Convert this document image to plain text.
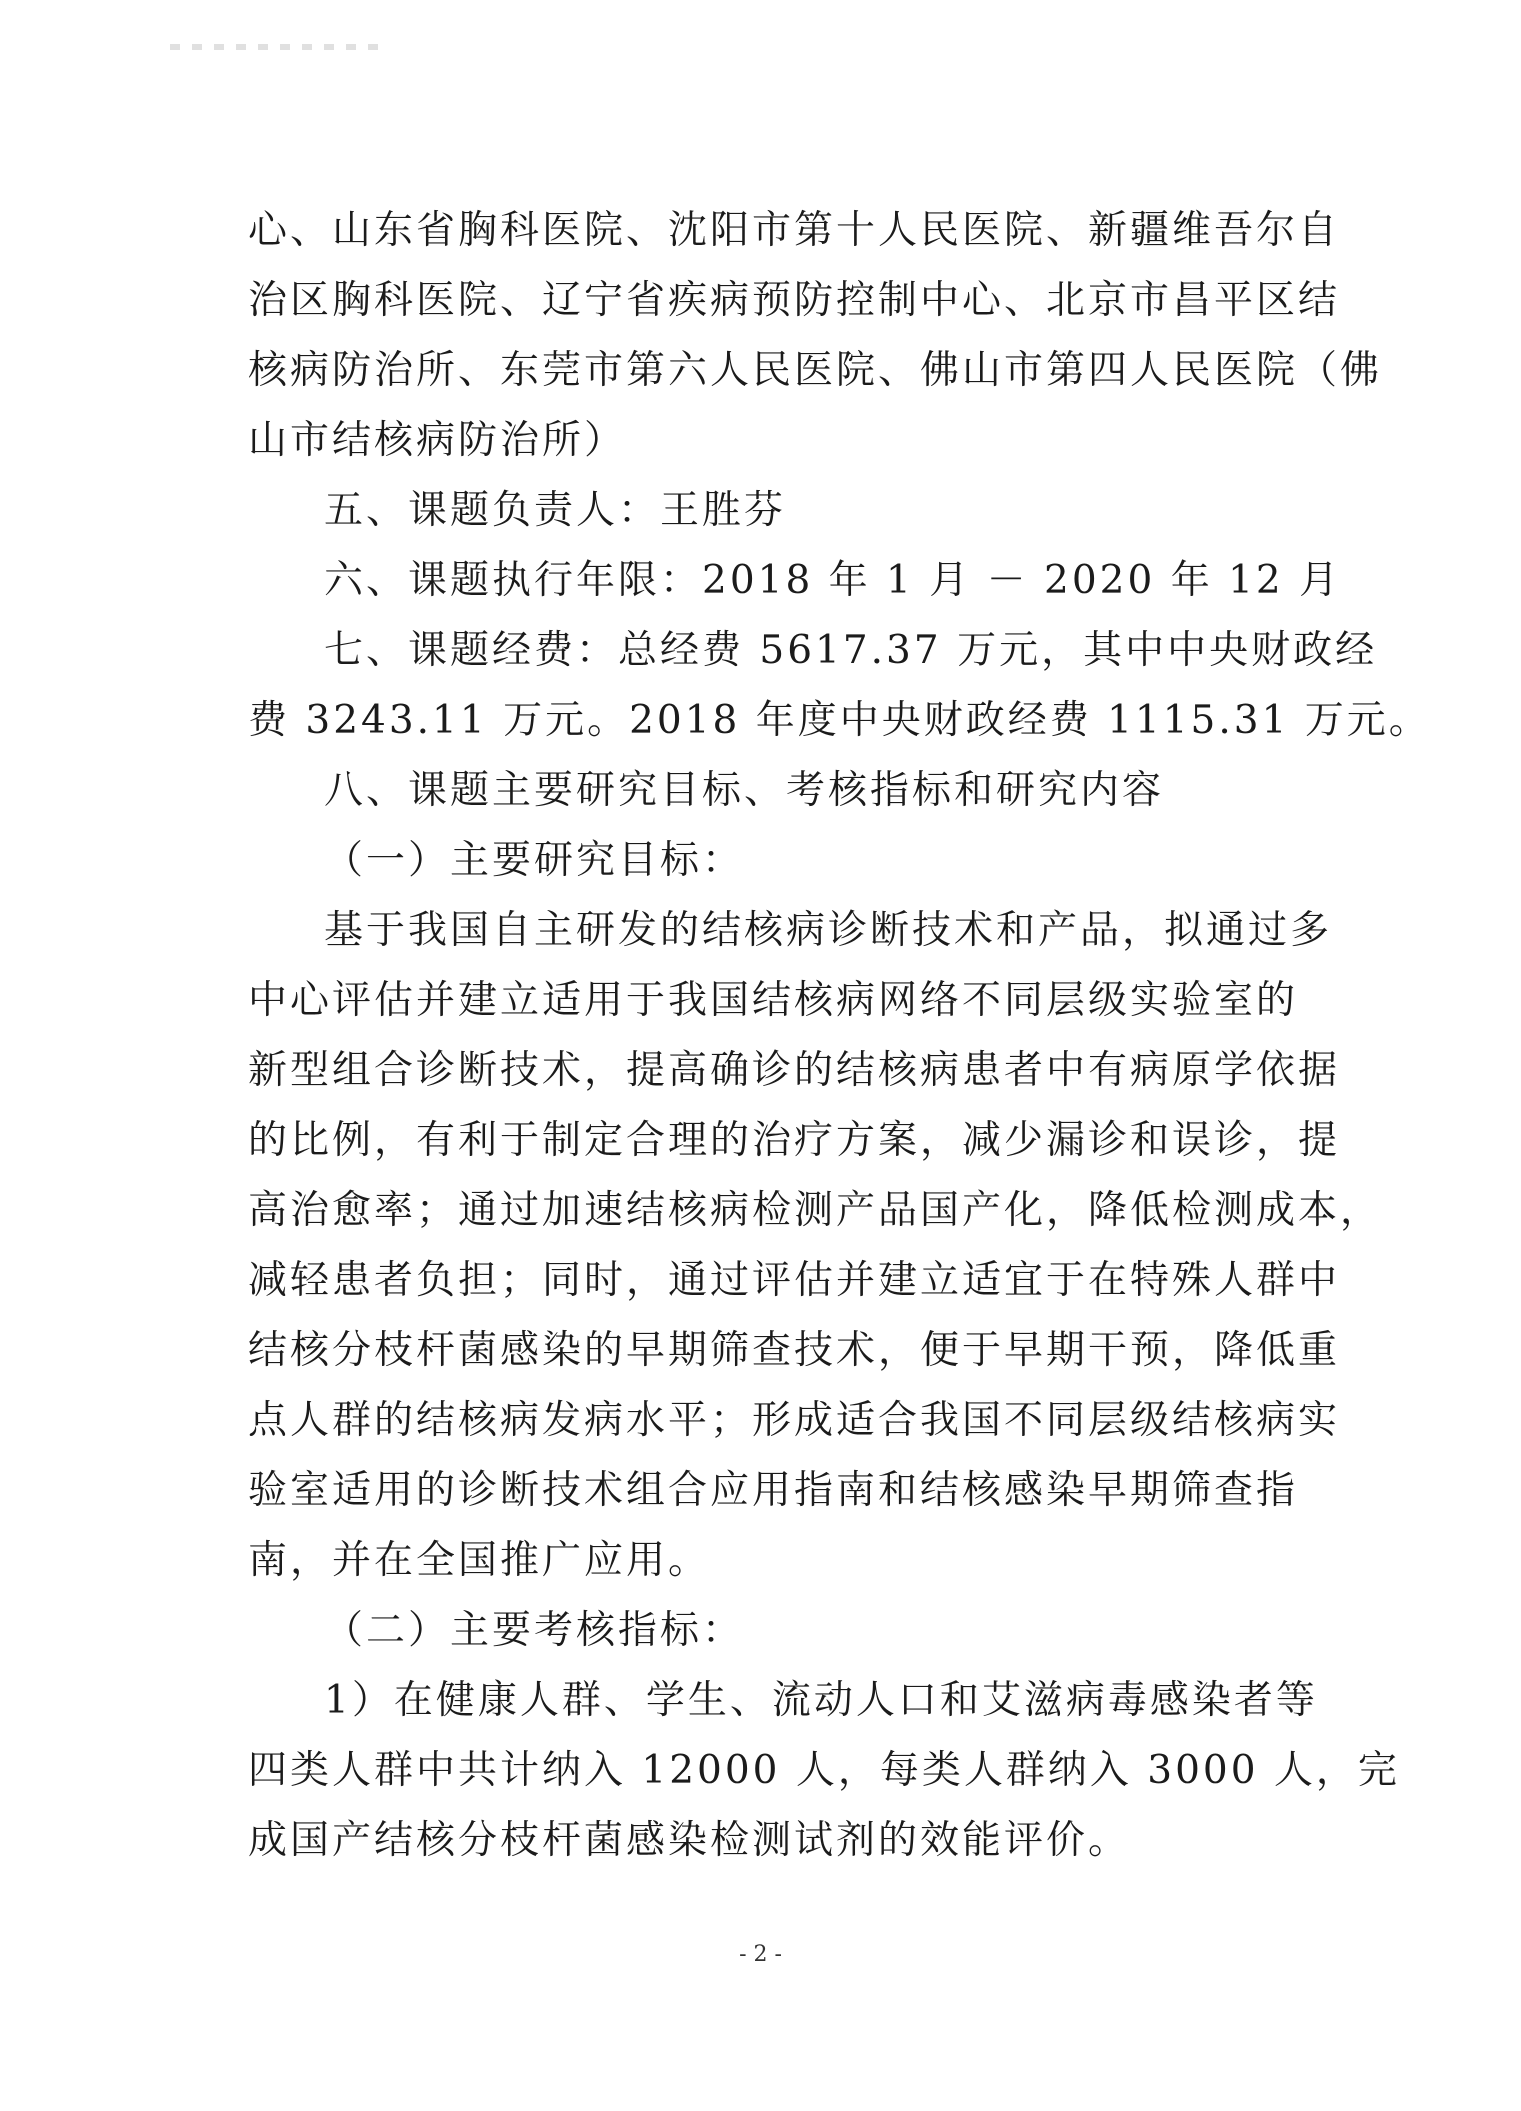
心、山东省胸科医院、沈阳市第十人民医院、新疆维吾尔自
治区胸科医院、辽宁省疾病预防控制中心、北京市昌平区结
核病防治所、东莞市第六人民医院、佛山市第四人民医院（佛
山市结核病防治所）
五、课题负责人：王胜芬
六、课题执行年限：2018 年 1 月 － 2020 年 12 月
七、课题经费：总经费 5617.37 万元，其中中央财政经
费 3243.11 万元。2018 年度中央财政经费 1115.31 万元。
八、课题主要研究目标、考核指标和研究内容
（一）主要研究目标：
基于我国自主研发的结核病诊断技术和产品，拟通过多
中心评估并建立适用于我国结核病网络不同层级实验室的
新型组合诊断技术，提高确诊的结核病患者中有病原学依据
的比例，有利于制定合理的治疗方案，减少漏诊和误诊，提
高治愈率；通过加速结核病检测产品国产化，降低检测成本，
减轻患者负担；同时，通过评估并建立适宜于在特殊人群中
结核分枝杆菌感染的早期筛查技术，便于早期干预，降低重
点人群的结核病发病水平；形成适合我国不同层级结核病实
验室适用的诊断技术组合应用指南和结核感染早期筛查指
南，并在全国推广应用。
（二）主要考核指标：
1）在健康人群、学生、流动人口和艾滋病毒感染者等
四类人群中共计纳入 12000 人，每类人群纳入 3000 人，完
成国产结核分枝杆菌感染检测试剂的效能评价。
- 2 -
